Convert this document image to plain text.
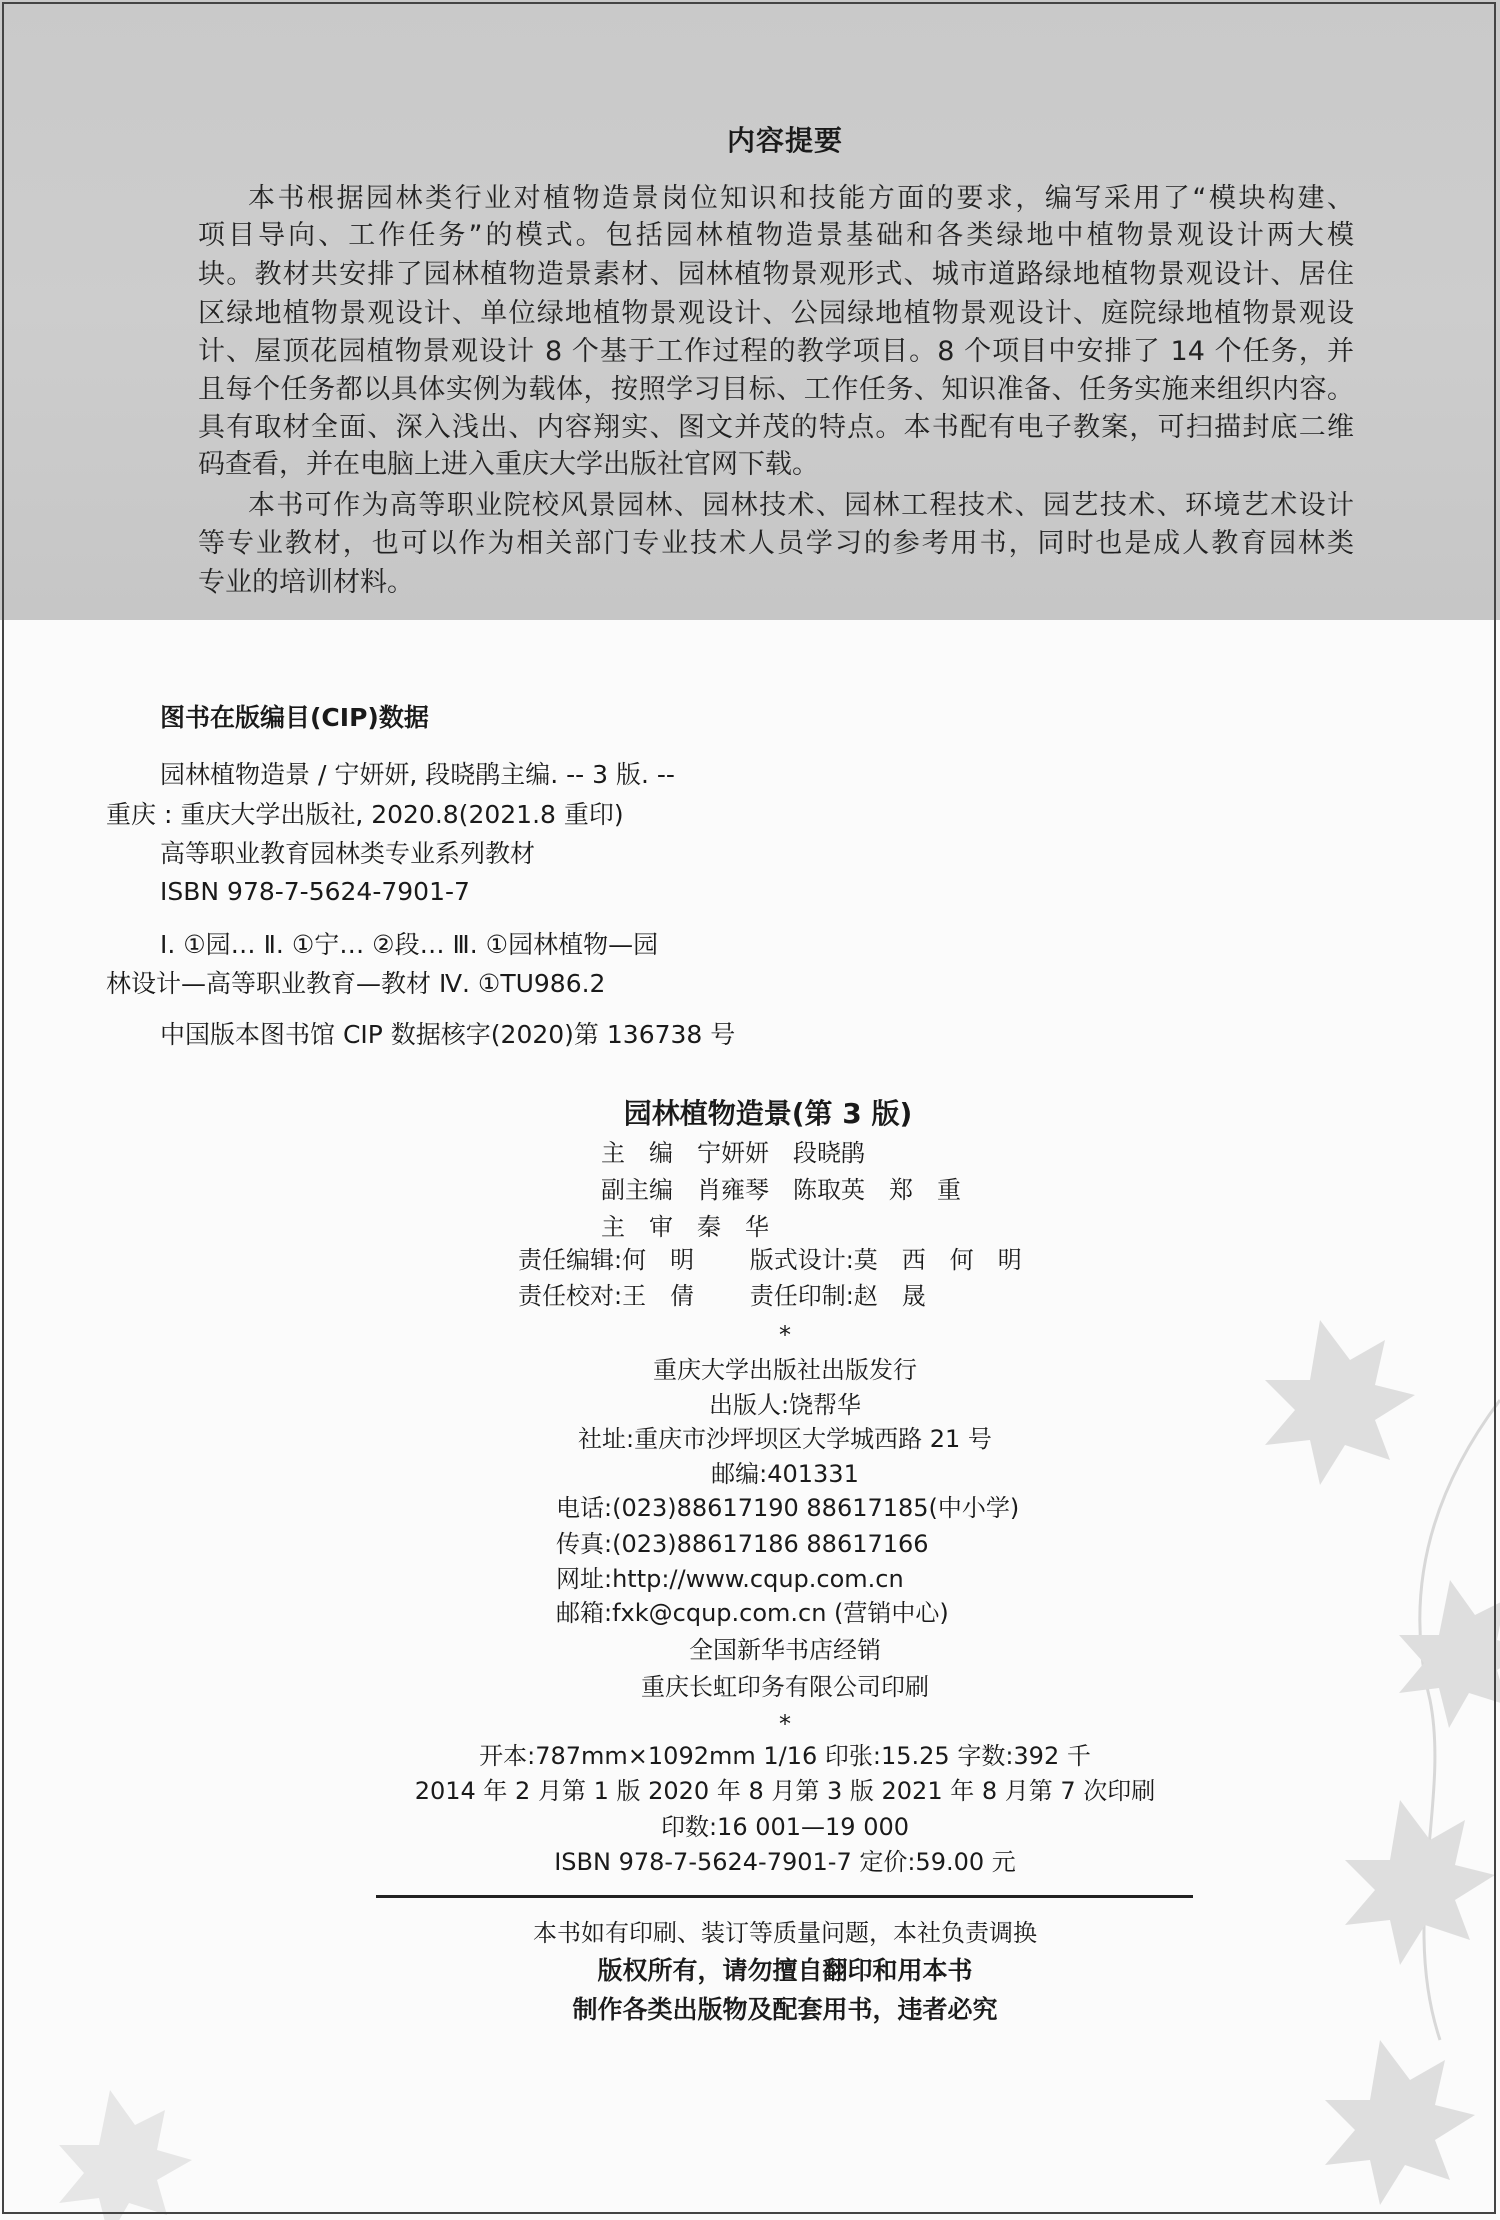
内容提要
本书根据园林类行业对植物造景岗位知识和技能方面的要求，编写采用了“模块构建、
项目导向、工作任务”的模式。包括园林植物造景基础和各类绿地中植物景观设计两大模
块。教材共安排了园林植物造景素材、园林植物景观形式、城市道路绿地植物景观设计、居住
区绿地植物景观设计、单位绿地植物景观设计、公园绿地植物景观设计、庭院绿地植物景观设
计、屋顶花园植物景观设计 8 个基于工作过程的教学项目。8 个项目中安排了 14 个任务，并
且每个任务都以具体实例为载体，按照学习目标、工作任务、知识准备、任务实施来组织内容。
具有取材全面、深入浅出、内容翔实、图文并茂的特点。本书配有电子教案，可扫描封底二维
码查看，并在电脑上进入重庆大学出版社官网下载。
本书可作为高等职业院校风景园林、园林技术、园林工程技术、园艺技术、环境艺术设计
等专业教材，也可以作为相关部门专业技术人员学习的参考用书，同时也是成人教育园林类
专业的培训材料。
图书在版编目(CIP)数据
园林植物造景 / 宁妍妍, 段晓鹃主编. -- 3 版. --
重庆 : 重庆大学出版社, 2020.8(2021.8 重印)
高等职业教育园林类专业系列教材
ISBN 978-7-5624-7901-7
Ⅰ. ①园… Ⅱ. ①宁… ②段… Ⅲ. ①园林植物—园
林设计—高等职业教育—教材 Ⅳ. ①TU986.2
中国版本图书馆 CIP 数据核字(2020)第 136738 号
园林植物造景(第 3 版)
主　编　宁妍妍　段晓鹃
副主编　肖雍琴　陈取英　郑　重
主　审　秦　华
责任编辑:何　明　　 版式设计:莫　西　何　明
责任校对:王　倩　　 责任印制:赵　晟
*
重庆大学出版社出版发行
出版人:饶帮华
社址:重庆市沙坪坝区大学城西路 21 号
邮编:401331
电话:(023)88617190 88617185(中小学)
传真:(023)88617186 88617166
网址:http://www.cqup.com.cn
邮箱:fxk@cqup.com.cn (营销中心)
全国新华书店经销
重庆长虹印务有限公司印刷
*
开本:787mm×1092mm 1/16 印张:15.25 字数:392 千
2014 年 2 月第 1 版 2020 年 8 月第 3 版 2021 年 8 月第 7 次印刷
印数:16 001—19 000
ISBN 978-7-5624-7901-7 定价:59.00 元
本书如有印刷、装订等质量问题，本社负责调换
版权所有，请勿擅自翻印和用本书
制作各类出版物及配套用书，违者必究
